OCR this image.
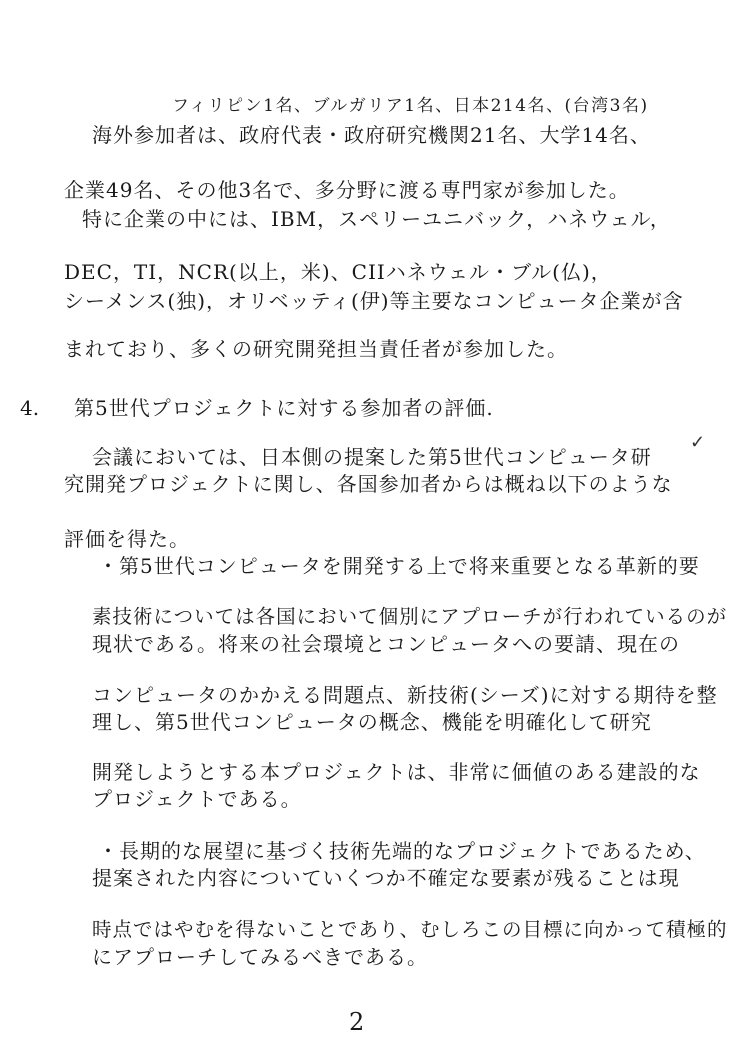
フィリピン1名、ブルガリア1名、日本214名、(台湾3名)
海外参加者は、政府代表・政府研究機関21名、大学14名、
企業49名、その他3名で、多分野に渡る専門家が参加した。
特に企業の中には、IBM，スペリーユニバック，ハネウェル，
DEC，TI，NCR(以上，米)、CIIハネウェル・ブル(仏)，
シーメンス(独)，オリベッティ(伊)等主要なコンピュータ企業が含
まれており、多くの研究開発担当責任者が参加した。
4. 第5世代プロジェクトに対する参加者の評価.
会議においては、日本側の提案した第5世代コンピュータ研
✓
究開発プロジェクトに関し、各国参加者からは概ね以下のような
評価を得た。
・第5世代コンピュータを開発する上で将来重要となる革新的要
素技術については各国において個別にアプローチが行われているのが
現状である。将来の社会環境とコンピュータへの要請、現在の
コンピュータのかかえる問題点、新技術(シーズ)に対する期待を整
理し、第5世代コンピュータの概念、機能を明確化して研究
開発しようとする本プロジェクトは、非常に価値のある建設的な
プロジェクトである。
・長期的な展望に基づく技術先端的なプロジェクトであるため、
提案された内容についていくつか不確定な要素が残ることは現
時点ではやむを得ないことであり、むしろこの目標に向かって積極的
にアプローチしてみるべきである。
2
